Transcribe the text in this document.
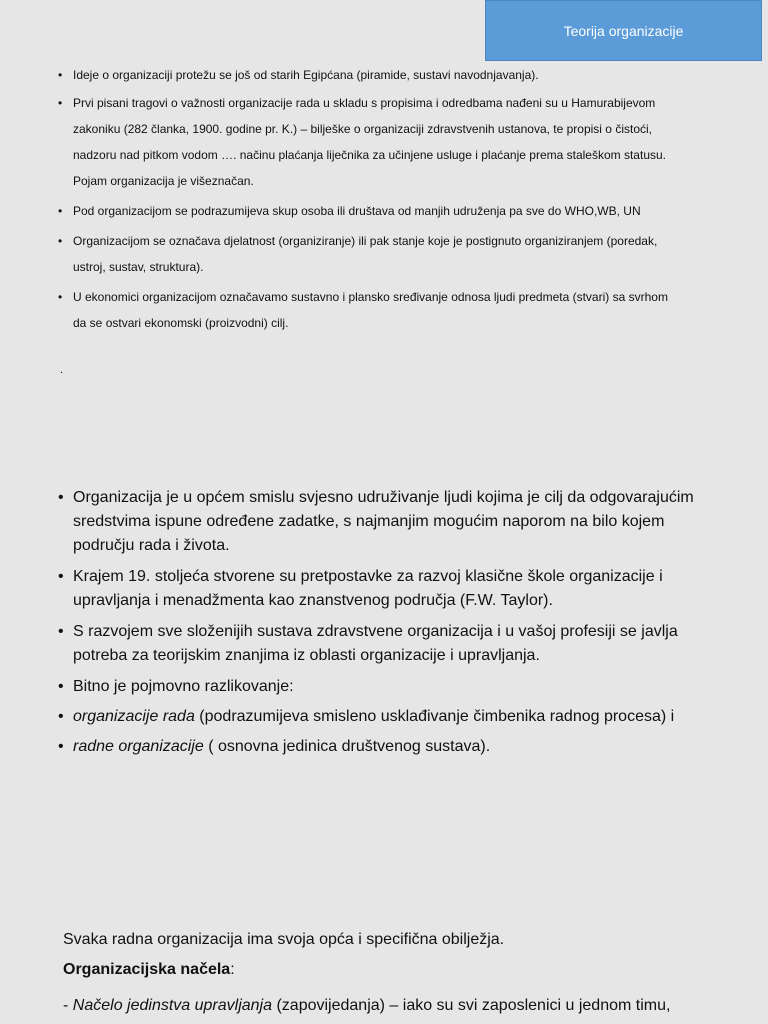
Teorija organizacije
• Ideje o organizaciji protežu se još od starih Egipćana (piramide, sustavi navodnjavanja).
• Prvi pisani tragovi o važnosti organizacije rada u skladu s propisima i odredbama nađeni su u Hamurabijevom
zakoniku (282 članka, 1900. godine pr. K.) – bilješke o organizaciji zdravstvenih ustanova, te propisi o čistoći,
nadzoru nad pitkom vodom …. načinu plaćanja liječnika za učinjene usluge i plaćanje prema staleškom statusu.
Pojam organizacija je višeznačan.
• Pod organizacijom se podrazumijeva skup osoba ili društava od manjih udruženja pa sve do WHO,WB, UN
• Organizacijom se označava djelatnost (organiziranje) ili pak stanje koje je postignuto organiziranjem (poredak,
ustroj, sustav, struktura).
• U ekonomici organizacijom označavamo sustavno i plansko sređivanje odnosa ljudi predmeta (stvari) sa svrhom
da se ostvari ekonomski (proizvodni) cilj.
.
• Organizacija je u općem smislu svjesno udruživanje ljudi kojima je cilj da odgovarajućim
sredstvima ispune određene zadatke, s najmanjim mogućim naporom na bilo kojem
području rada i života.
• Krajem 19. stoljeća stvorene su pretpostavke za razvoj klasične škole organizacije i
upravljanja i menadžmenta kao znanstvenog područja (F.W. Taylor).
• S razvojem sve složenijih sustava zdravstvene organizacija i u vašoj profesiji se javlja
potreba za teorijskim znanjima iz oblasti organizacije i upravljanja.
• Bitno je pojmovno razlikovanje:
• organizacije rada (podrazumijeva smisleno usklađivanje čimbenika radnog procesa) i
• radne organizacije ( osnovna jedinica društvenog sustava).
Svaka radna organizacija ima svoja opća i specifična obilježja.
Organizacijska načela:
- Načelo jedinstva upravljanja (zapovijedanja) – iako su svi zaposlenici u jednom timu,
